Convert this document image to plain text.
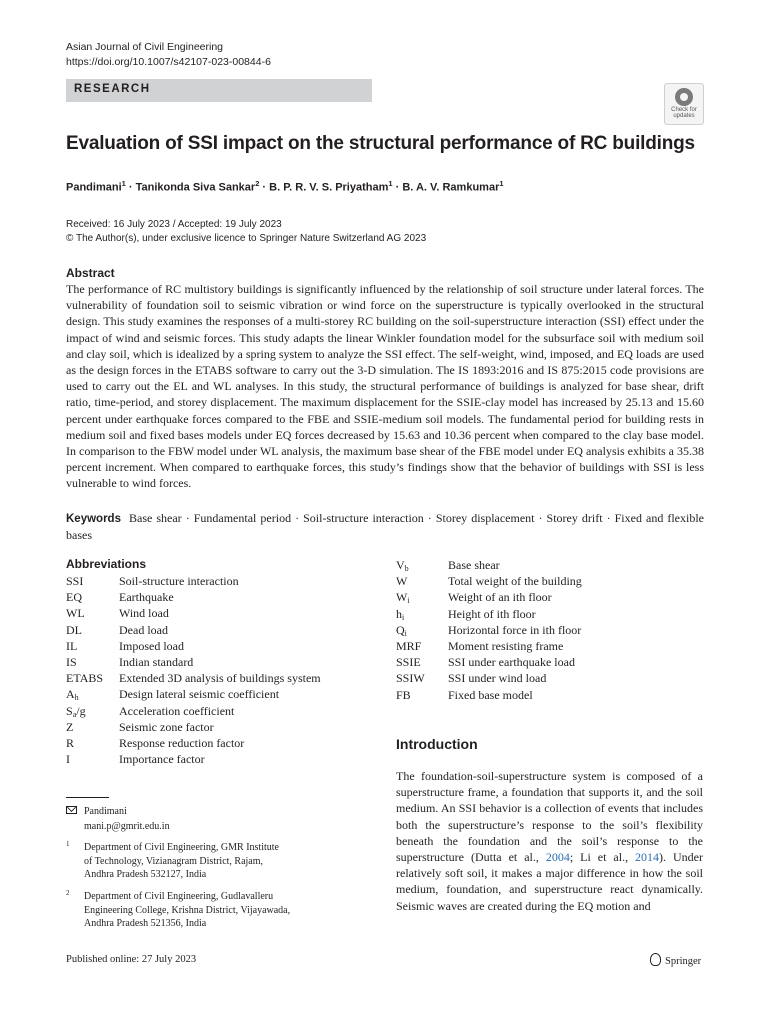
Asian Journal of Civil Engineering
https://doi.org/10.1007/s42107-023-00844-6
RESEARCH
Check for
updates
Evaluation of SSI impact on the structural performance of RC buildings
Pandimani$^1$ · Tanikonda Siva Sankar$^2$ · B. P. R. V. S. Priyatham$^1$ · B. A. V. Ramkumar$^1$
Received: 16 July 2023 / Accepted: 19 July 2023
© The Author(s), under exclusive licence to Springer Nature Switzerland AG 2023
Abstract
The performance of RC multistory buildings is significantly influenced by the relationship of soil structure under lateral forces. The vulnerability of foundation soil to seismic vibration or wind force on the superstructure is typically overlooked in the structural design. This study examines the responses of a multi-storey RC building on the soil-superstructure interaction (SSI) effect under the impact of wind and seismic forces. This study adapts the linear Winkler foundation model for the subsurface soil with medium soil and clay soil, which is idealized by a spring system to analyze the SSI effect. The self-weight, wind, imposed, and EQ loads are used as the design forces in the ETABS software to carry out the 3-D simulation. The IS 1893:2016 and IS 875:2015 code provisions are used to carry out the EL and WL analyses. In this study, the structural performance of buildings is analyzed for base shear, drift ratio, time-period, and storey displacement. The maximum displacement for the SSIE-clay model has increased by 25.13 and 15.60 percent under earthquake forces compared to the FBE and SSIE-medium soil models. The fundamental period for building rests in medium soil and fixed bases models under EQ forces decreased by 15.63 and 10.36 percent when compared to the clay base model. In comparison to the FBW model under WL analysis, the maximum base shear of the FBE model under EQ analysis exhibits a 35.38 percent increment. When compared to earthquake forces, this study’s findings show that the behavior of buildings with SSI is less vulnerable to wind forces.
Keywords Base shear · Fundamental period · Soil-structure interaction · Storey displacement · Storey drift · Fixed and flexible bases
Abbreviations
SSI	Soil-structure interaction
EQ	Earthquake
WL	Wind load
DL	Dead load
IL	Imposed load
IS	Indian standard
ETABS	Extended 3D analysis of buildings system
$A_h$	Design lateral seismic coefficient
$S_a/g$	Acceleration coefficient
Z	Seismic zone factor
R	Response reduction factor
I	Importance factor
$V_b$	Base shear
W	Total weight of the building
$W_i$	Weight of an ith floor
$h_i$	Height of ith floor
$Q_i$	Horizontal force in ith floor
MRF	Moment resisting frame
SSIE	SSI under earthquake load
SSIW	SSI under wind load
FB	Fixed base model
Pandimani
mani.p@gmrit.edu.in
1 Department of Civil Engineering, GMR Institute
of Technology, Vizianagram District, Rajam,
Andhra Pradesh 532127, India
2 Department of Civil Engineering, Gudlavalleru
Engineering College, Krishna District, Vijayawada,
Andhra Pradesh 521356, India
Introduction
The foundation-soil-superstructure system is composed of a superstructure frame, a foundation that supports it, and the soil medium. An SSI behavior is a collection of events that includes both the superstructure’s response to the soil’s flexibility beneath the foundation and the soil’s response to the superstructure (Dutta et al., 2004; Li et al., 2014). Under relatively soft soil, it makes a major difference in how the soil medium, foundation, and superstructure react dynamically. Seismic waves are created during the EQ motion and
Published online: 27 July 2023	Springer
